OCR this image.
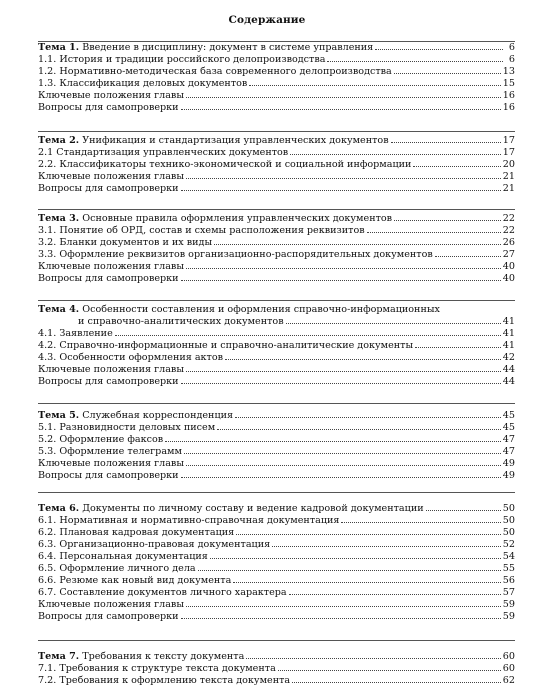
Содержание
Тема 1. Введение в дисциплину: документ в системе управления	6
1.1. История и традиции российского делопроизводства	6
1.2. Нормативно-методическая база современного делопроизводства	13
1.3. Классификация деловых документов	15
Ключевые положения главы	16
Вопросы для самопроверки	16
Тема 2. Унификация и стандартизация управленческих документов	17
2.1 Стандартизация управленческих документов	17
2.2. Классификаторы технико-экономической и социальной информации	20
Ключевые положения главы	21
Вопросы для самопроверки	21
Тема 3. Основные правила оформления управленческих документов	22
3.1. Понятие об ОРД, состав и схемы расположения реквизитов	22
3.2. Бланки документов и их виды	26
3.3. Оформление реквизитов организационно-распорядительных документов	27
Ключевые положения главы	40
Вопросы для самопроверки	40
Тема 4. Особенности составления и оформления справочно-информационных
и справочно-аналитических документов	41
4.1. Заявление	41
4.2. Справочно-информационные и справочно-аналитические документы	41
4.3. Особенности оформления актов	42
Ключевые положения главы	44
Вопросы для самопроверки	44
Тема 5. Служебная корреспонденция	45
5.1. Разновидности деловых писем	45
5.2. Оформление факсов	47
5.3. Оформление телеграмм	47
Ключевые положения главы	49
Вопросы для самопроверки	49
Тема 6. Документы по личному составу и ведение кадровой документации	50
6.1. Нормативная и нормативно-справочная документация	50
6.2. Плановая кадровая документация	50
6.3. Организационно-правовая документация	52
6.4. Персональная документация	54
6.5. Оформление личного дела	55
6.6. Резюме как новый вид документа	56
6.7. Составление документов личного характера	57
Ключевые положения главы	59
Вопросы для самопроверки	59
Тема 7. Требования к тексту документа	60
7.1. Требования к структуре текста документа	60
7.2. Требования к оформлению текста документа	62
